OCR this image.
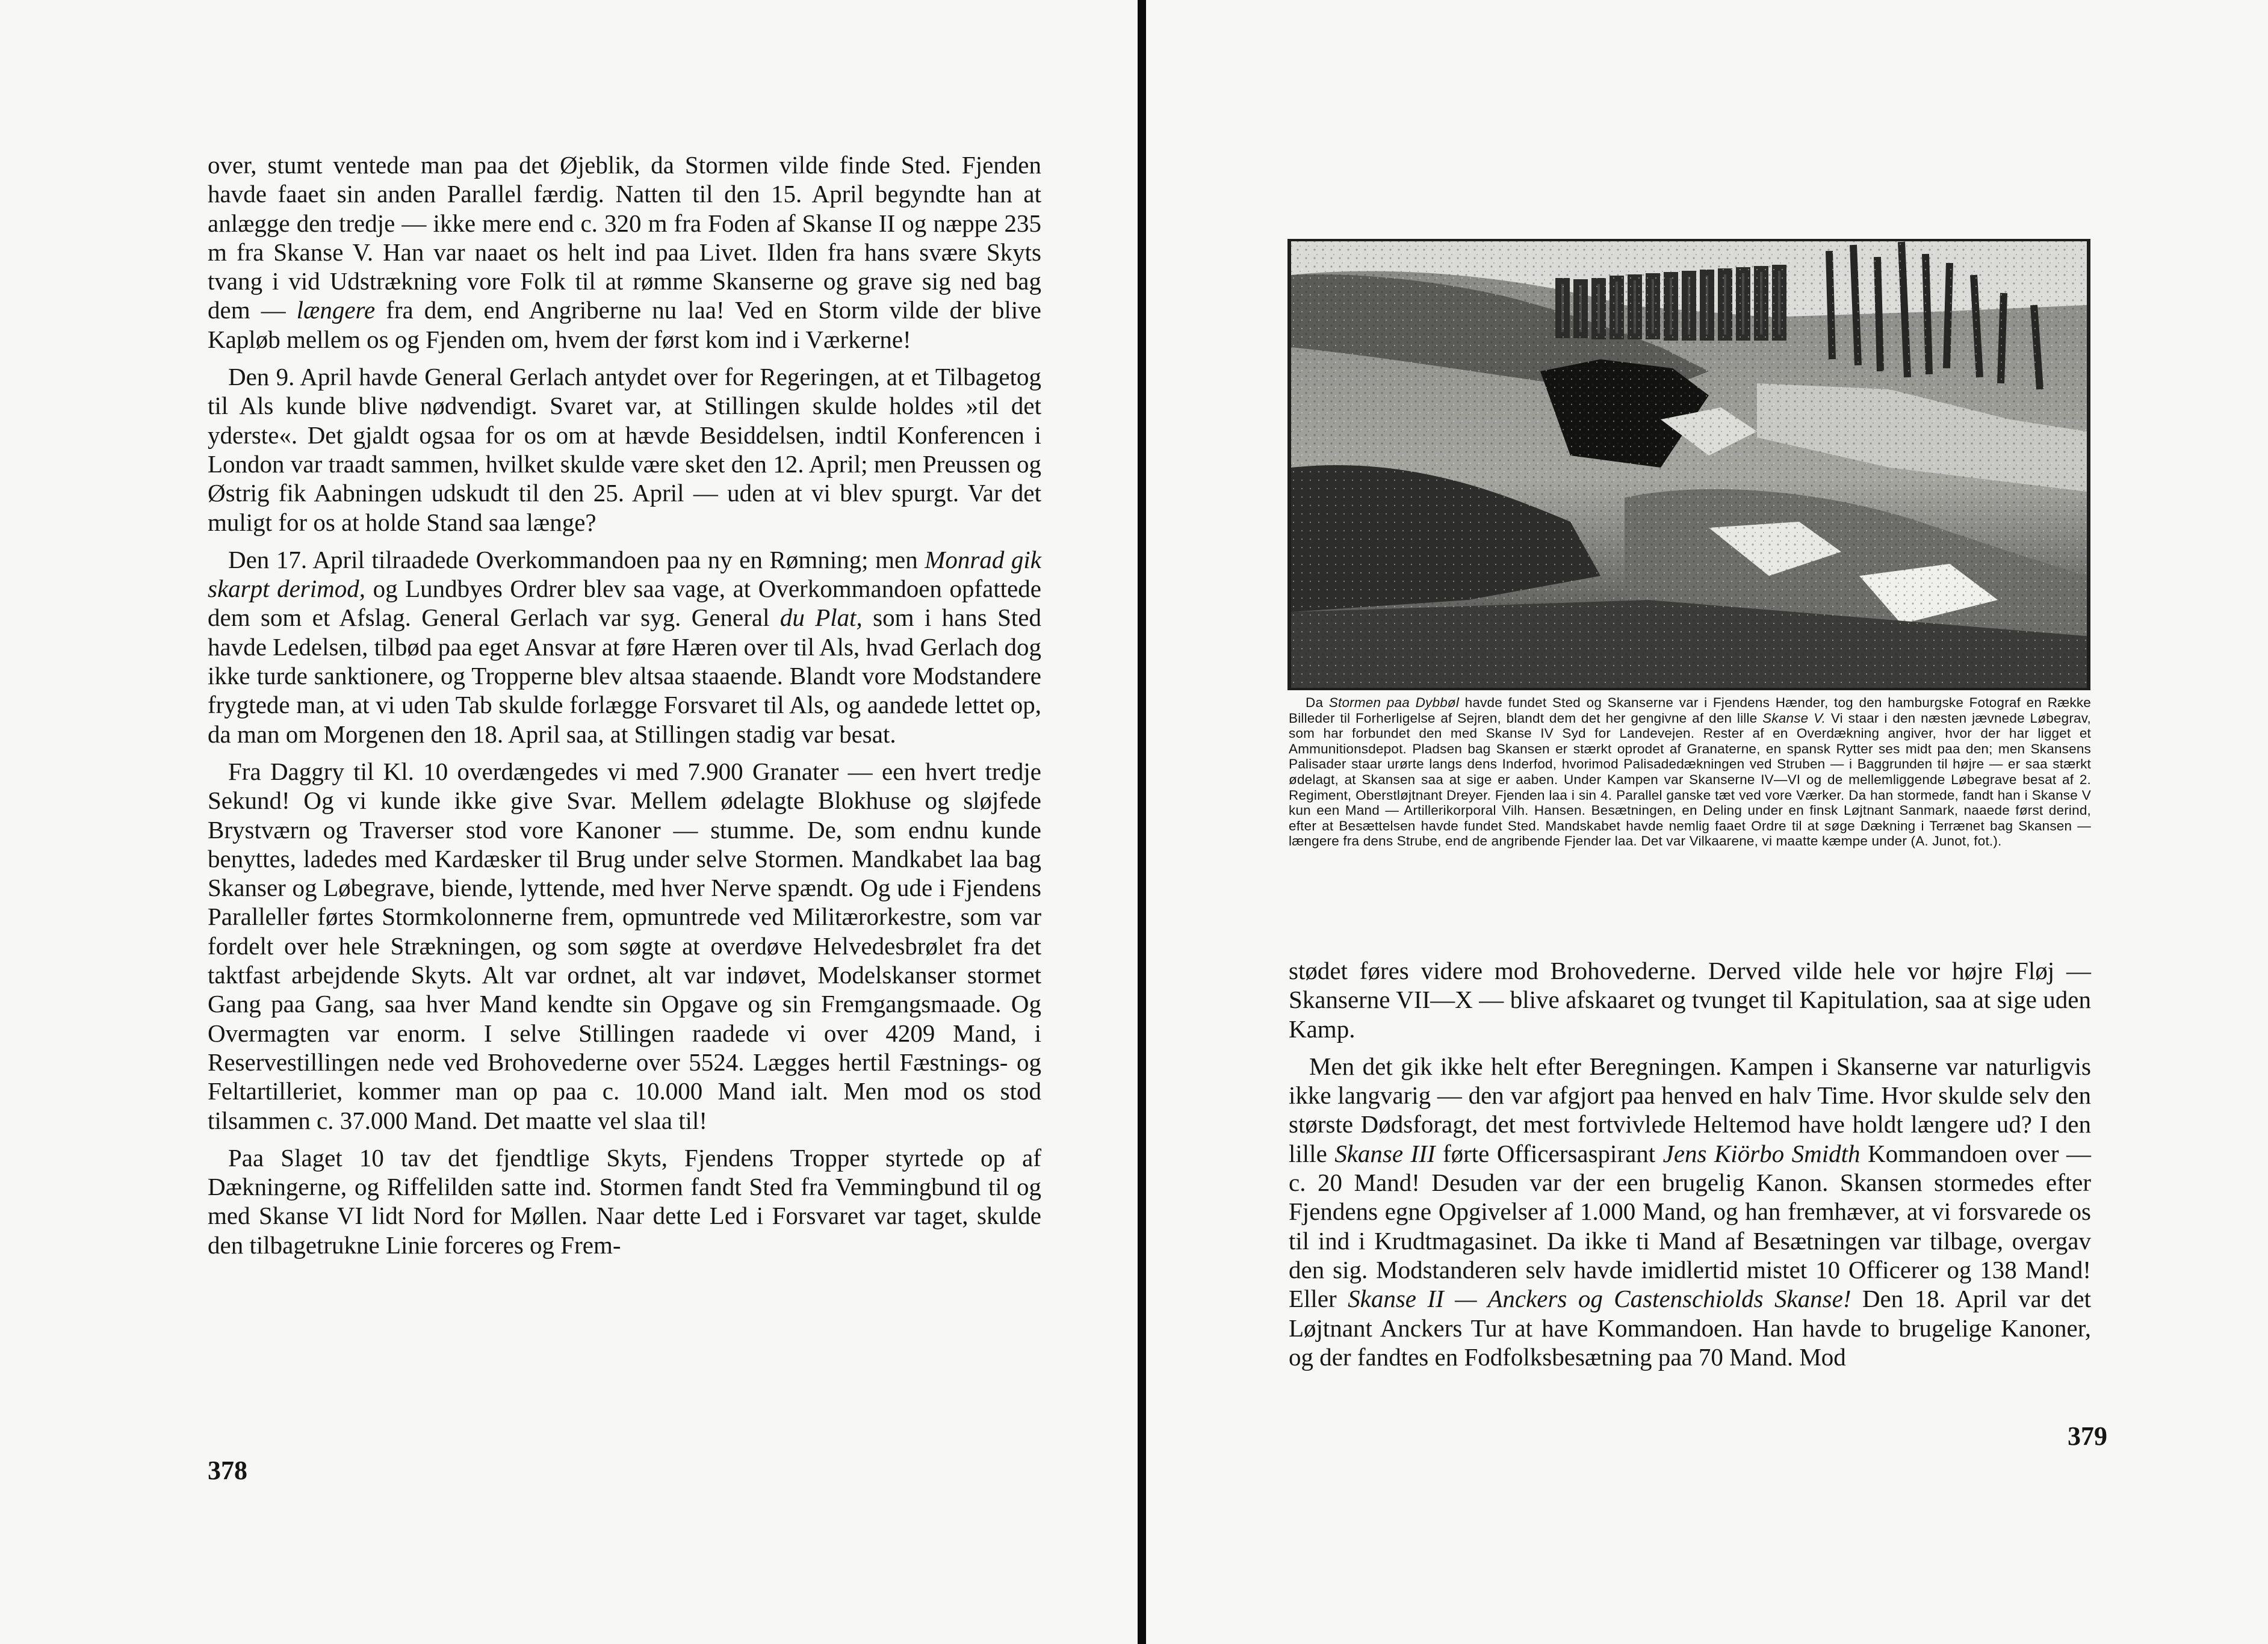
over, stumt ventede man paa det Øjeblik, da Stormen vilde finde Sted. Fjenden havde faaet sin anden Parallel færdig. Natten til den 15. April begyndte han at anlægge den tredje — ikke mere end c. 320 m fra Foden af Skanse II og næppe 235 m fra Skanse V. Han var naaet os helt ind paa Livet. Ilden fra hans svære Skyts tvang i vid Udstrækning vore Folk til at rømme Skanserne og grave sig ned bag dem — længere fra dem, end Angriberne nu laa! Ved en Storm vilde der blive Kapløb mellem os og Fjenden om, hvem der først kom ind i Værkerne!

Den 9. April havde General Gerlach antydet over for Regeringen, at et Tilbagetog til Als kunde blive nødvendigt. Svaret var, at Stillingen skulde holdes »til det yderste«. Det gjaldt ogsaa for os om at hævde Besiddelsen, indtil Konferencen i London var traadt sammen, hvilket skulde være sket den 12. April; men Preussen og Østrig fik Aabningen udskudt til den 25. April — uden at vi blev spurgt. Var det muligt for os at holde Stand saa længe?

Den 17. April tilraadede Overkommandoen paa ny en Rømning; men Monrad gik skarpt derimod, og Lundbyes Ordrer blev saa vage, at Overkommandoen opfattede dem som et Afslag. General Gerlach var syg. General du Plat, som i hans Sted havde Ledelsen, tilbød paa eget Ansvar at føre Hæren over til Als, hvad Gerlach dog ikke turde sanktionere, og Tropperne blev altsaa staaende. Blandt vore Modstandere frygtede man, at vi uden Tab skulde forlægge Forsvaret til Als, og aandede lettet op, da man om Morgenen den 18. April saa, at Stillingen stadig var besat.

Fra Daggry til Kl. 10 overdængedes vi med 7.900 Granater — een hvert tredje Sekund! Og vi kunde ikke give Svar. Mellem ødelagte Blokhuse og sløjfede Brystværn og Traverser stod vore Kanoner — stumme. De, som endnu kunde benyttes, ladedes med Kardæsker til Brug under selve Stormen. Mandkabet laa bag Skanser og Løbegrave, biende, lyttende, med hver Nerve spændt. Og ude i Fjendens Paralleller førtes Stormkolonnerne frem, opmuntrede ved Militærorkestre, som var fordelt over hele Strækningen, og som søgte at overdøve Helvedesbrølet fra det taktfast arbejdende Skyts. Alt var ordnet, alt var indøvet, Modelskanser stormet Gang paa Gang, saa hver Mand kendte sin Opgave og sin Fremgangsmaade. Og Overmagten var enorm. I selve Stillingen raadede vi over 4209 Mand, i Reservestillingen nede ved Brohovederne over 5524. Lægges hertil Fæstnings- og Feltartilleriet, kommer man op paa c. 10.000 Mand ialt. Men mod os stod tilsammen c. 37.000 Mand. Det maatte vel slaa til!

Paa Slaget 10 tav det fjendtlige Skyts, Fjendens Tropper styrtede op af Dækningerne, og Riffelilden satte ind. Stormen fandt Sted fra Vemmingbund til og med Skanse VI lidt Nord for Møllen. Naar dette Led i Forsvaret var taget, skulde den tilbagetrukne Linie forceres og Frem-

378

Da Stormen paa Dybbøl havde fundet Sted og Skanserne var i Fjendens Hænder, tog den hamburgske Fotograf en Række Billeder til Forherligelse af Sejren, blandt dem det her gengivne af den lille Skanse V. Vi staar i den næsten jævnede Løbegrav, som har forbundet den med Skanse IV Syd for Landevejen. Rester af en Overdækning angiver, hvor der har ligget et Ammunitionsdepot. Pladsen bag Skansen er stærkt oprodet af Granaterne, en spansk Rytter ses midt paa den; men Skansens Palisader staar urørte langs dens Inderfod, hvorimod Palisadedækningen ved Struben — i Baggrunden til højre — er saa stærkt ødelagt, at Skansen saa at sige er aaben. Under Kampen var Skanserne IV—VI og de mellemliggende Løbegrave besat af 2. Regiment, Oberstløjtnant Dreyer. Fjenden laa i sin 4. Parallel ganske tæt ved vore Værker. Da han stormede, fandt han i Skanse V kun een Mand — Artillerikorporal Vilh. Hansen. Besætningen, en Deling under en finsk Løjtnant Sanmark, naaede først derind, efter at Besættelsen havde fundet Sted. Mandskabet havde nemlig faaet Ordre til at søge Dækning i Terrænet bag Skansen — længere fra dens Strube, end de angribende Fjender laa. Det var Vilkaarene, vi maatte kæmpe under (A. Junot, fot.).

stødet føres videre mod Brohovederne. Derved vilde hele vor højre Fløj — Skanserne VII—X — blive afskaaret og tvunget til Kapitulation, saa at sige uden Kamp.

Men det gik ikke helt efter Beregningen. Kampen i Skanserne var naturligvis ikke langvarig — den var afgjort paa henved en halv Time. Hvor skulde selv den største Dødsforagt, det mest fortvivlede Heltemod have holdt længere ud? I den lille Skanse III førte Officersaspirant Jens Kiörbo Smidth Kommandoen over — c. 20 Mand! Desuden var der een brugelig Kanon. Skansen stormedes efter Fjendens egne Opgivelser af 1.000 Mand, og han fremhæver, at vi forsvarede os til ind i Krudtmagasinet. Da ikke ti Mand af Besætningen var tilbage, overgav den sig. Modstanderen selv havde imidlertid mistet 10 Officerer og 138 Mand! Eller Skanse II — Anckers og Castenschiolds Skanse! Den 18. April var det Løjtnant Anckers Tur at have Kommandoen. Han havde to brugelige Kanoner, og der fandtes en Fodfolksbesætning paa 70 Mand. Mod

379
